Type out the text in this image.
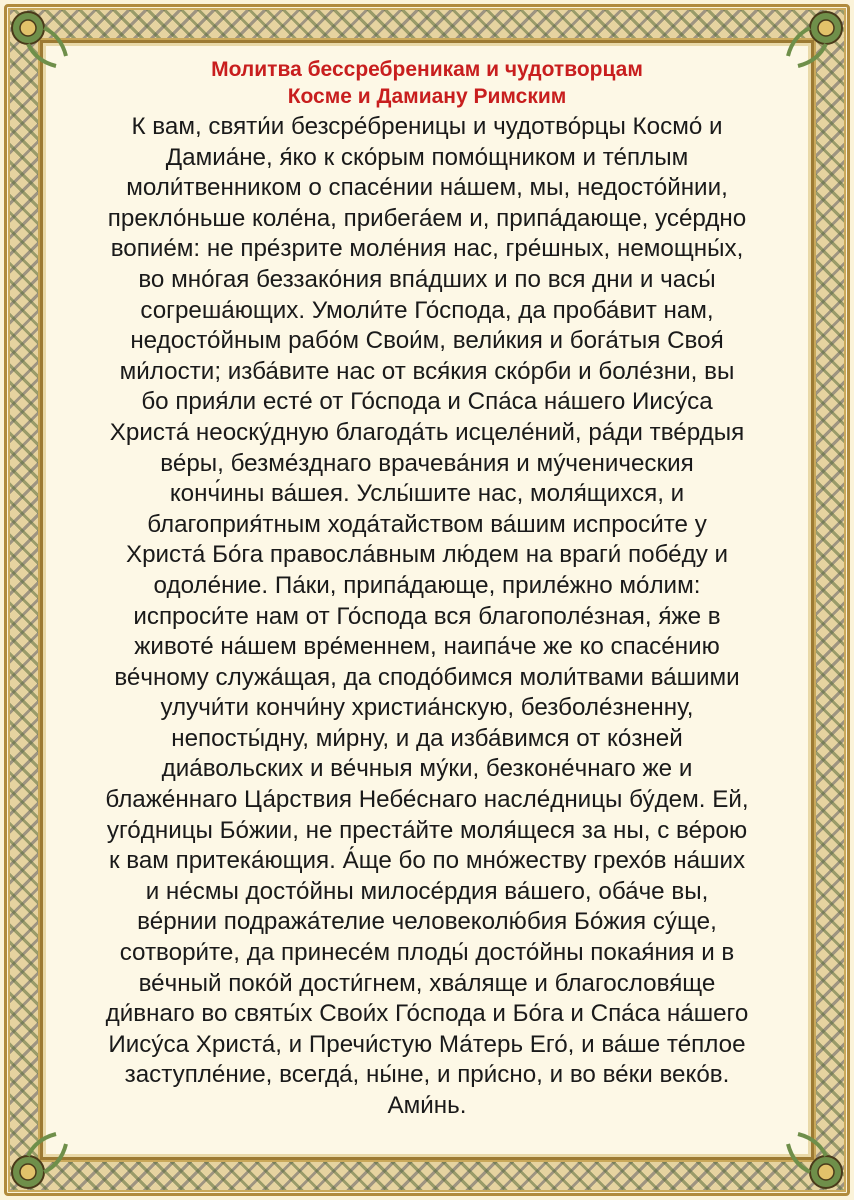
Молитва бессребреникам и чудотворцам
Косме и Дамиану Римским
К вам, святи́и безсре́бреницы и чудотво́рцы Космо́ и
Дамиа́не, я́ко к ско́рым помо́щником и те́плым
моли́твенником о спасе́нии на́шем, мы, недосто́йнии,
прекло́ньше коле́на, прибега́ем и, припа́дающе, усе́рдно
вопие́м: не пре́зрите моле́ния нас, гре́шных, немощны́х,
во мно́гая беззако́ния впа́дших и по вся дни и часы́
согреша́ющих. Умоли́те Го́спода, да проба́вит нам,
недосто́йным рабо́м Свои́м, вели́кия и бога́тыя Своя́
ми́лости; изба́вите нас от вся́кия ско́рби и боле́зни, вы
бо прия́ли есте́ от Го́спода и Спа́са на́шего Иису́са
Христа́ неоску́дную благода́ть исцеле́ний, ра́ди тве́рдыя
ве́ры, безме́зднаго врачева́ния и му́ченическия
конч́ины ва́шея. Услы́шите нас, моля́щихся, и
благоприя́тным хода́тайством ва́шим испроси́те у
Христа́ Бо́га правосла́вным лю́дем на враги́ побе́ду и
одоле́ние. Па́ки, припа́дающе, приле́жно мо́лим:
испроси́те нам от Го́спода вся благополе́зная, я́же в
животе́ на́шем вре́меннем, наипа́че же ко спасе́нию
ве́чному служа́щая, да сподо́бимся моли́твами ва́шими
улучи́ти кончи́ну христиа́нскую, безболе́зненну,
непосты́дну, ми́рну, и да изба́вимся от ко́зней
диа́вольских и ве́чныя му́ки, безконе́чнаго же и
блаже́ннаго Ца́рствия Небе́снаго насле́дницы бу́дем. Ей,
уго́дницы Бо́жии, не преста́йте моля́щеся за ны, с ве́рою
к вам притека́ющия. А́ще бо по мно́жеству грехо́в на́ших
и не́смы досто́йны милосе́рдия ва́шего, оба́че вы,
ве́рнии подража́телие человеколю́бия Бо́жия су́ще,
сотвори́те, да принесе́м плоды́ досто́йны покая́ния и в
ве́чный поко́й дости́гнем, хва́ляще и благословя́ще
ди́внаго во святы́х Свои́х Го́спода и Бо́га и Спа́са на́шего
Иису́са Христа́, и Пречи́стую Ма́терь Его́, и ва́ше те́плое
заступле́ние, всегда́, ны́не, и при́сно, и во ве́ки веко́в.
Ами́нь.
